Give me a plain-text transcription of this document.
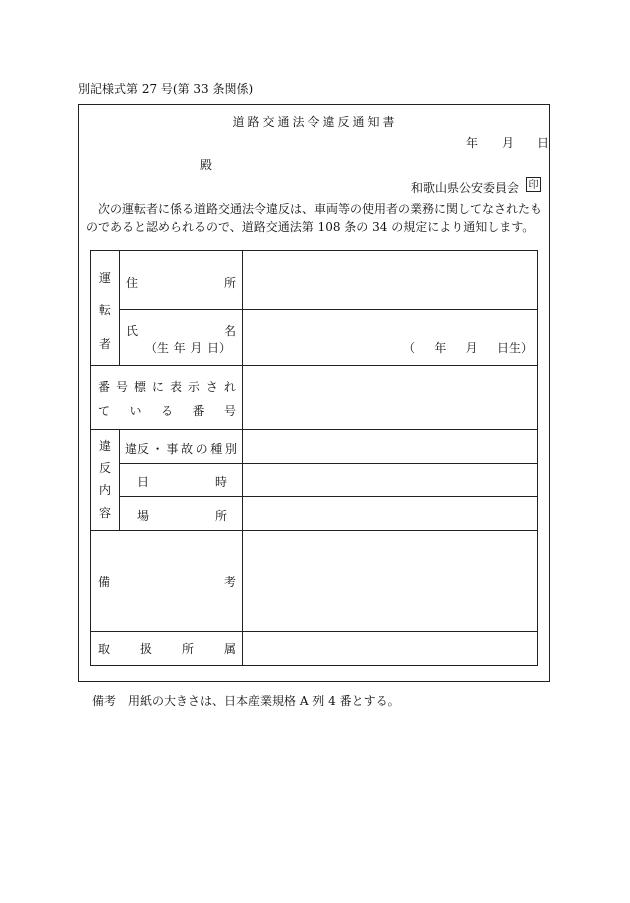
別記様式第 27 号(第 33 条関係)
道路交通法令違反通知書
年 月 日
殿
和歌山県公安委員会 印
次の運転者に係る道路交通法令違反は、車両等の使用者の業務に関してなされたものであると認められるので、道路交通法第 108 条の 34 の規定により通知します。
運
転
者
住	所
氏	名
（生 年 月 日）	（ 年 月 日生）
番 号 標 に 表 示 さ れ
て い る 番 号
違
反
内
容
違反 ・ 事 故 の 種 別
日	時
場	所
備	考
取 扱 所 属
備考 用紙の大きさは、日本産業規格 A 列 4 番とする。
